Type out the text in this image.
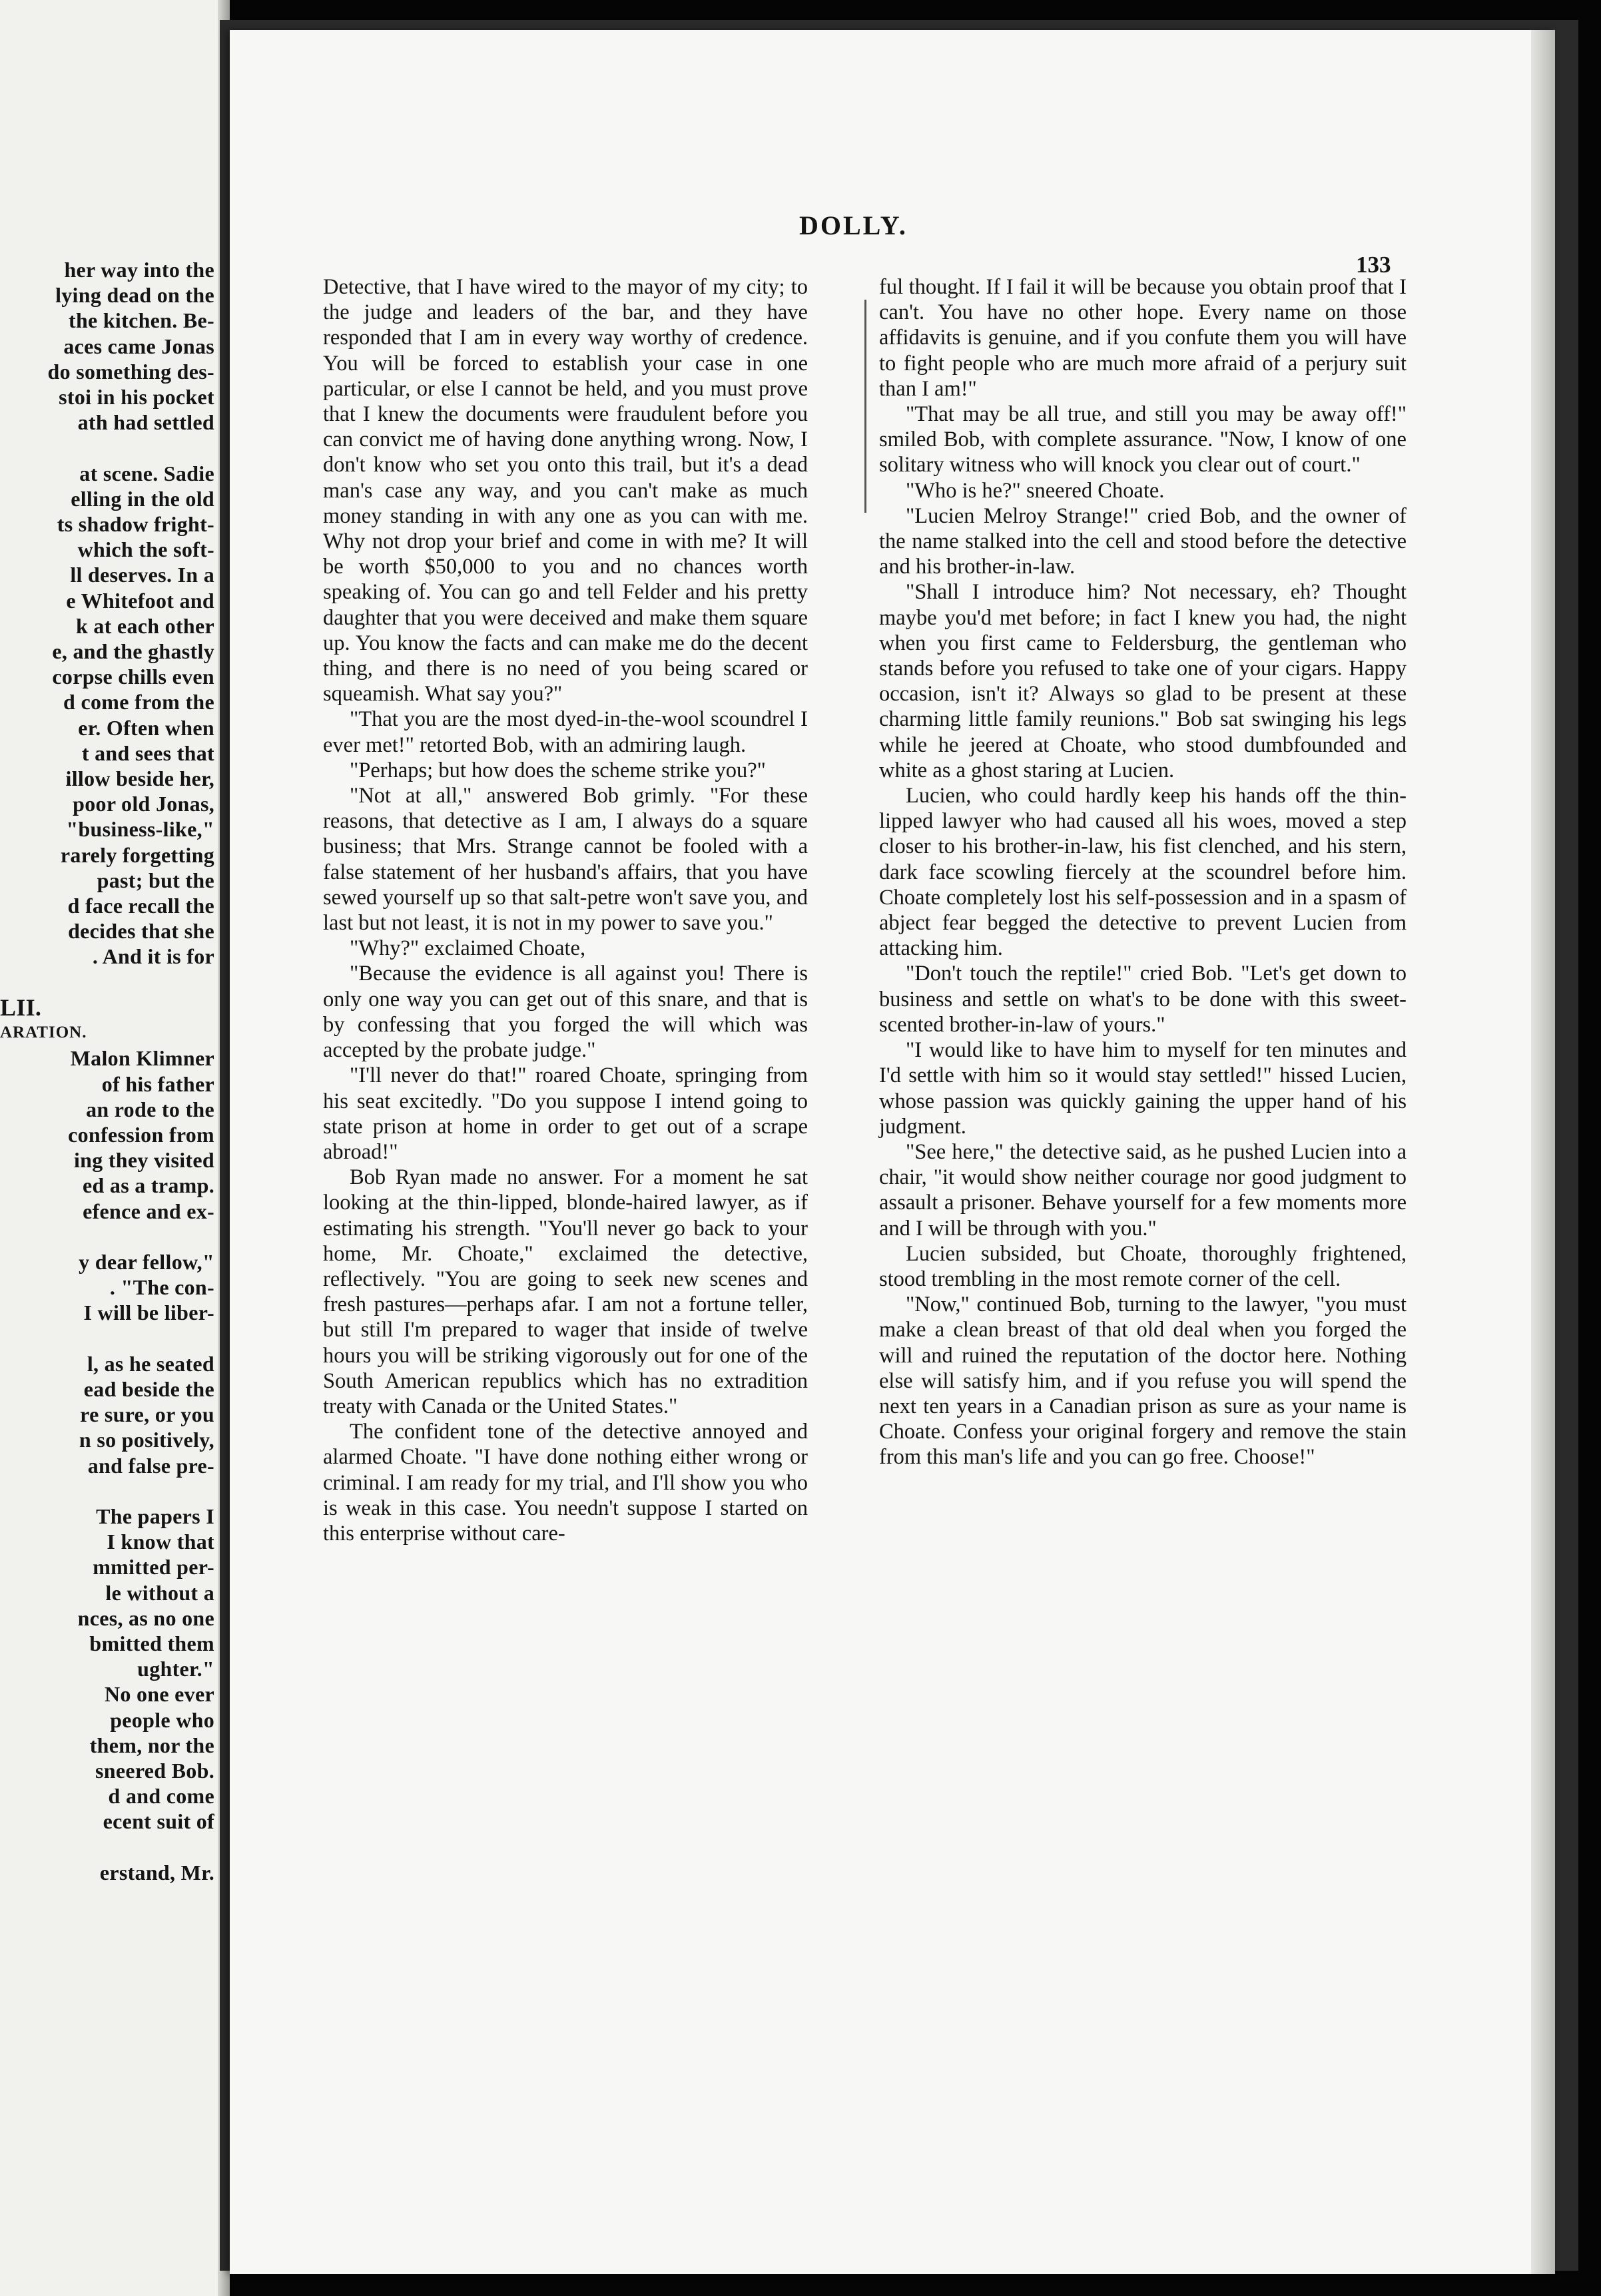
her way into the
lying dead on the
the kitchen. Be-
aces came Jonas
do something des-
stoi in his pocket
ath had settled

at scene. Sadie
elling in the old
ts shadow fright-
which the soft-
ll deserves. In a
e Whitefoot and
k at each other
e, and the ghastly
corpse chills even
d come from the
er. Often when
t and sees that
illow beside her,
poor old Jonas,
"business-like,"
rarely forgetting
past; but the
d face recall the
decides that she
. And it is for

LII.
ARATION.
Malon Klimner
of his father
an rode to the
confession from
ing they visited
ed as a tramp.
efence and ex-

y dear fellow,"
. "The con-
I will be liber-

l, as he seated
ead beside the
re sure, or you
n so positively,
and false pre-

The papers I
I know that
mmitted per-
le without a
nces, as no one
bmitted them
ughter."
No one ever
people who
them, nor the
sneered Bob.
d and come
ecent suit of

erstand, Mr.
DOLLY.
133

Detective, that I have wired to the mayor of my city; to the judge and leaders of the bar, and they have responded that I am in every way worthy of credence. You will be forced to establish your case in one particular, or else I cannot be held, and you must prove that I knew the documents were fraudulent before you can convict me of having done anything wrong. Now, I don't know who set you onto this trail, but it's a dead man's case any way, and you can't make as much money standing in with any one as you can with me. Why not drop your brief and come in with me? It will be worth $50,000 to you and no chances worth speaking of. You can go and tell Felder and his pretty daughter that you were deceived and make them square up. You know the facts and can make me do the decent thing, and there is no need of you being scared or squeamish. What say you?"

"That you are the most dyed-in-the-wool scoundrel I ever met!" retorted Bob, with an admiring laugh.

"Perhaps; but how does the scheme strike you?"

"Not at all," answered Bob grimly. "For these reasons, that detective as I am, I always do a square business; that Mrs. Strange cannot be fooled with a false statement of her husband's affairs, that you have sewed yourself up so that salt-petre won't save you, and last but not least, it is not in my power to save you."

"Why?" exclaimed Choate,

"Because the evidence is all against you! There is only one way you can get out of this snare, and that is by confessing that you forged the will which was accepted by the probate judge."

"I'll never do that!" roared Choate, springing from his seat excitedly. "Do you suppose I intend going to state prison at home in order to get out of a scrape abroad!"

Bob Ryan made no answer. For a moment he sat looking at the thin-lipped, blonde-haired lawyer, as if estimating his strength. "You'll never go back to your home, Mr. Choate," exclaimed the detective, reflectively. "You are going to seek new scenes and fresh pastures—perhaps afar. I am not a fortune teller, but still I'm prepared to wager that inside of twelve hours you will be striking vigorously out for one of the South American republics which has no extradition treaty with Canada or the United States."

The confident tone of the detective annoyed and alarmed Choate. "I have done nothing either wrong or criminal. I am ready for my trial, and I'll show you who is weak in this case. You needn't suppose I started on this enterprise without care-

ful thought. If I fail it will be because you obtain proof that I can't. You have no other hope. Every name on those affidavits is genuine, and if you confute them you will have to fight people who are much more afraid of a perjury suit than I am!"

"That may be all true, and still you may be away off!" smiled Bob, with complete assurance. "Now, I know of one solitary witness who will knock you clear out of court."

"Who is he?" sneered Choate.

"Lucien Melroy Strange!" cried Bob, and the owner of the name stalked into the cell and stood before the detective and his brother-in-law.

"Shall I introduce him? Not necessary, eh? Thought maybe you'd met before; in fact I knew you had, the night when you first came to Feldersburg, the gentleman who stands before you refused to take one of your cigars. Happy occasion, isn't it? Always so glad to be present at these charming little family reunions." Bob sat swinging his legs while he jeered at Choate, who stood dumbfounded and white as a ghost staring at Lucien.

Lucien, who could hardly keep his hands off the thin-lipped lawyer who had caused all his woes, moved a step closer to his brother-in-law, his fist clenched, and his stern, dark face scowling fiercely at the scoundrel before him. Choate completely lost his self-possession and in a spasm of abject fear begged the detective to prevent Lucien from attacking him.

"Don't touch the reptile!" cried Bob. "Let's get down to business and settle on what's to be done with this sweet-scented brother-in-law of yours."

"I would like to have him to myself for ten minutes and I'd settle with him so it would stay settled!" hissed Lucien, whose passion was quickly gaining the upper hand of his judgment.

"See here," the detective said, as he pushed Lucien into a chair, "it would show neither courage nor good judgment to assault a prisoner. Behave yourself for a few moments more and I will be through with you."

Lucien subsided, but Choate, thoroughly frightened, stood trembling in the most remote corner of the cell.

"Now," continued Bob, turning to the lawyer, "you must make a clean breast of that old deal when you forged the will and ruined the reputation of the doctor here. Nothing else will satisfy him, and if you refuse you will spend the next ten years in a Canadian prison as sure as your name is Choate. Confess your original forgery and remove the stain from this man's life and you can go free. Choose!"
